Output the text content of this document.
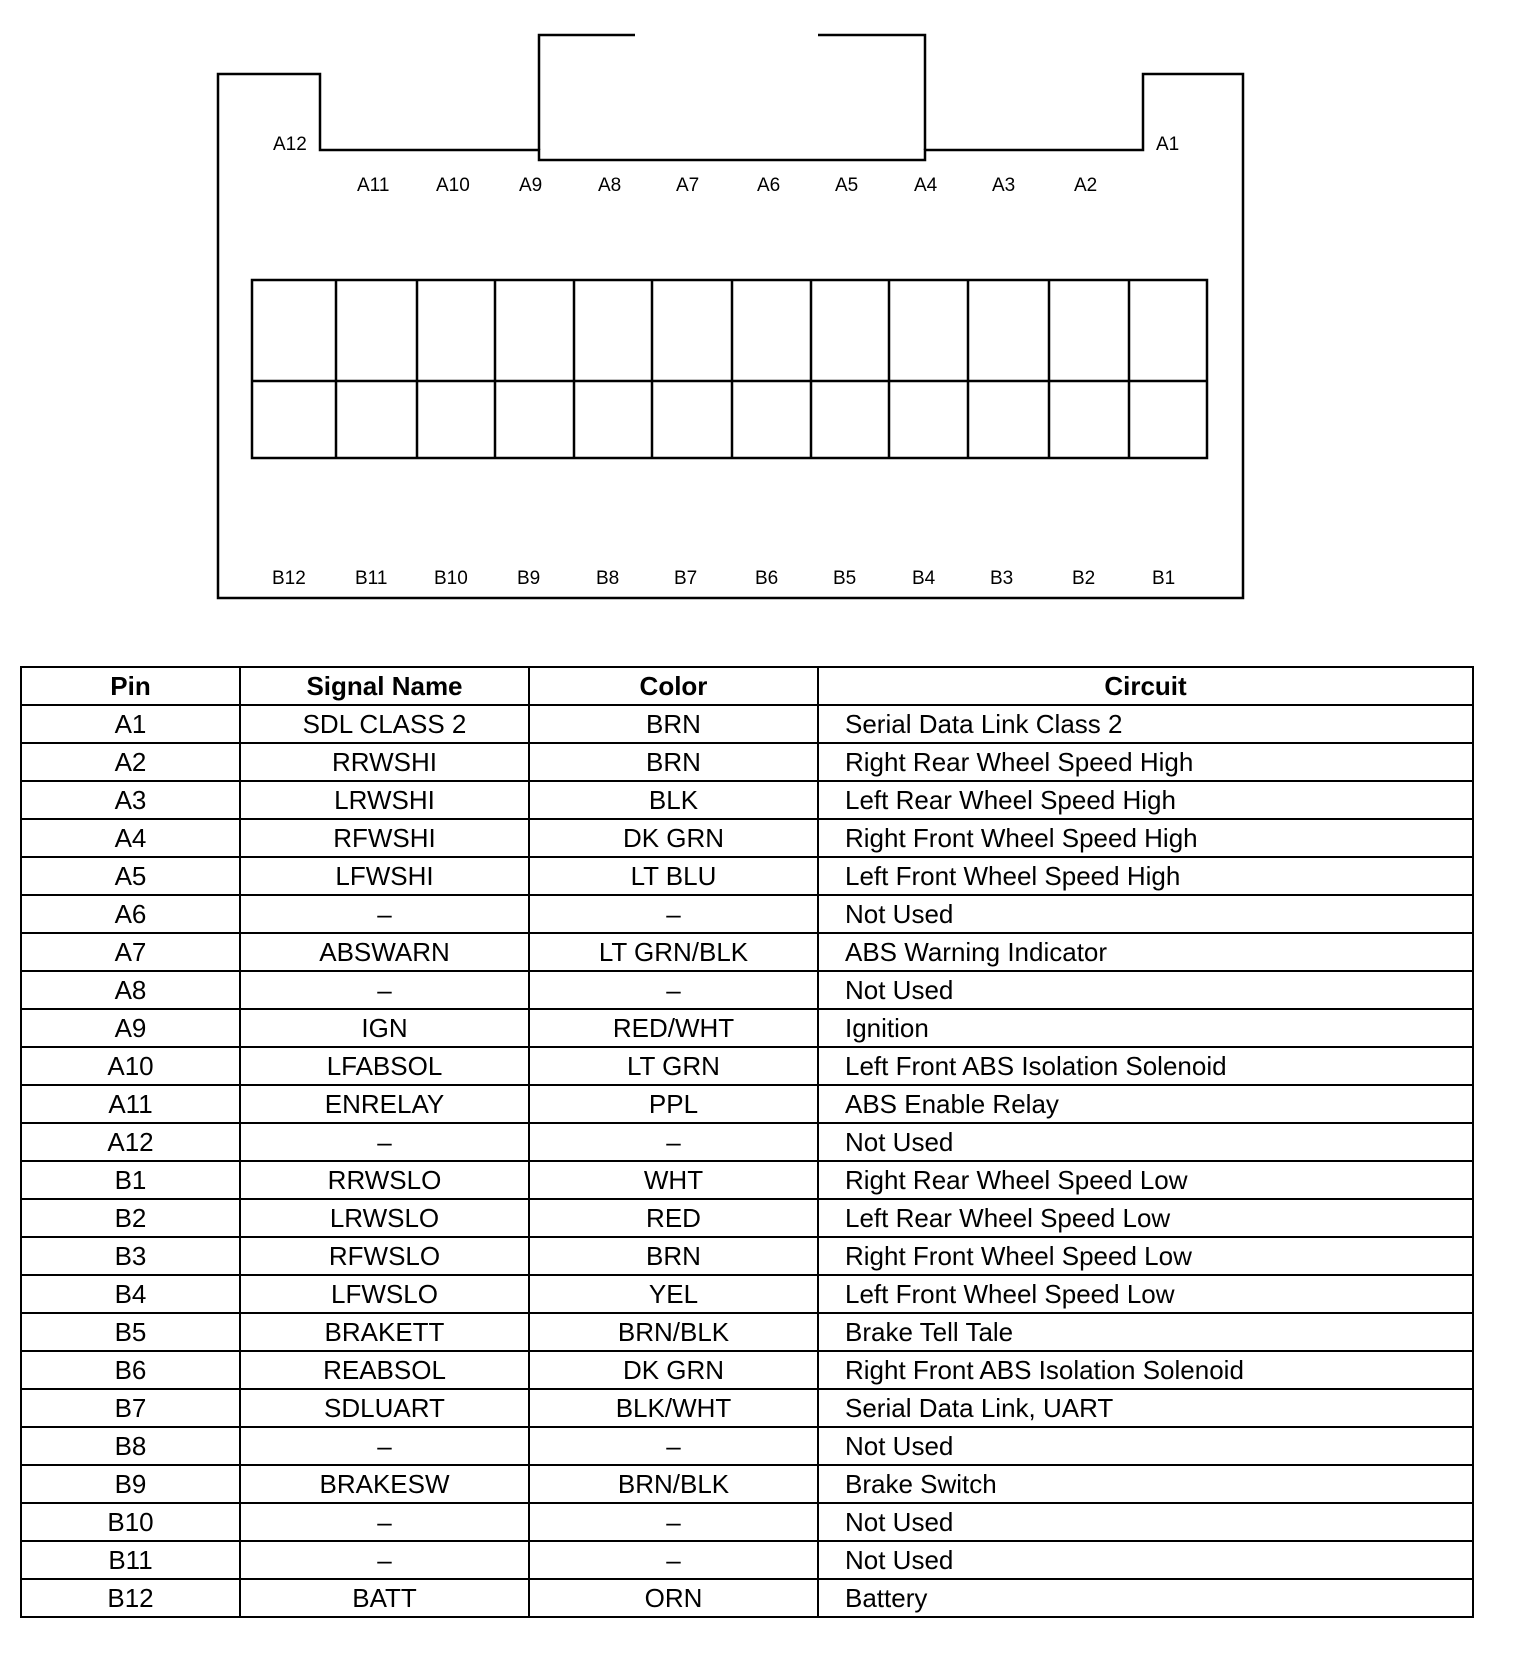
A12
A11 A10	A9	A8	A7	A6	A5	A4	A3	A2
A1
B12	B11 B10	B9	B8	B7	B6	B5	B4	B3	B2	B1
Pin	Signal Name	Color	Circuit
A1	SDL CLASS 2	BRN	Serial Data Link Class 2
A2	RRWSHI	BRN	Right Rear Wheel Speed High
A3	LRWSHI	BLK	Left Rear Wheel Speed High
A4	RFWSHI	DK GRN	Right Front Wheel Speed High
A5	LFWSHI	LT BLU	Left Front Wheel Speed High
A6	–	–	Not Used
A7	ABSWARN	LT GRN/BLK	ABS Warning Indicator
A8	–	–	Not Used
A9	IGN	RED/WHT	Ignition
A10	LFABSOL	LT GRN	Left Front ABS Isolation Solenoid
A11	ENRELAY	PPL	ABS Enable Relay
A12	–	–	Not Used
B1	RRWSLO	WHT	Right Rear Wheel Speed Low
B2	LRWSLO	RED	Left Rear Wheel Speed Low
B3	RFWSLO	BRN	Right Front Wheel Speed Low
B4	LFWSLO	YEL	Left Front Wheel Speed Low
B5	BRAKETT	BRN/BLK	Brake Tell Tale
B6	REABSOL	DK GRN	Right Front ABS Isolation Solenoid
B7	SDLUART	BLK/WHT	Serial Data Link, UART
B8	–	–	Not Used
B9	BRAKESW	BRN/BLK	Brake Switch
B10	–	–	Not Used
B11	–	–	Not Used
B12	BATT	ORN	Battery
